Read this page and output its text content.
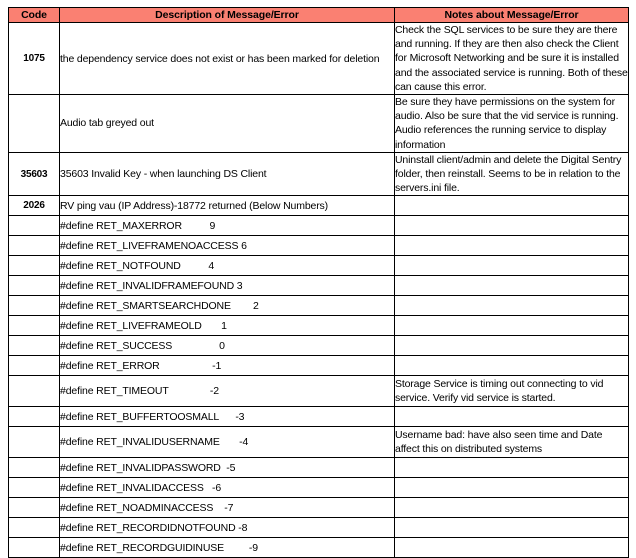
Code	Description of Message/Error	Notes about Message/Error
1075	the dependency service does not exist or has been marked for deletion	Check the SQL services to be sure they are there and running. If they are then also check the Client for Microsoft Networking and be sure it is installed and the associated service is running. Both of these can cause this error.
	Audio tab greyed out	Be sure they have permissions on the system for audio. Also be sure that the vid service is running. Audio references the running service to display information
35603	35603 Invalid Key - when launching DS Client	Uninstall client/admin and delete the Digital Sentry folder, then reinstall. Seems to be in relation to the servers.ini file.
2026	RV ping vau (IP Address)-18772 returned (Below Numbers)	
	#define RET_MAXERROR          9	
	#define RET_LIVEFRAMENOACCESS 6	
	#define RET_NOTFOUND          4	
	#define RET_INVALIDFRAMEFOUND 3	
	#define RET_SMARTSEARCHDONE        2	
	#define RET_LIVEFRAMEOLD       1	
	#define RET_SUCCESS                 0	
	#define RET_ERROR                   -1	
	#define RET_TIMEOUT               -2	Storage Service is timing out connecting to vid service. Verify vid service is started.
	#define RET_BUFFERTOOSMALL      -3	
	#define RET_INVALIDUSERNAME       -4	Username bad: have also seen time and Date affect this on distributed systems
	#define RET_INVALIDPASSWORD  -5	
	#define RET_INVALIDACCESS   -6	
	#define RET_NOADMINACCESS    -7	
	#define RET_RECORDIDNOTFOUND -8	
	#define RET_RECORDGUIDINUSE         -9	
